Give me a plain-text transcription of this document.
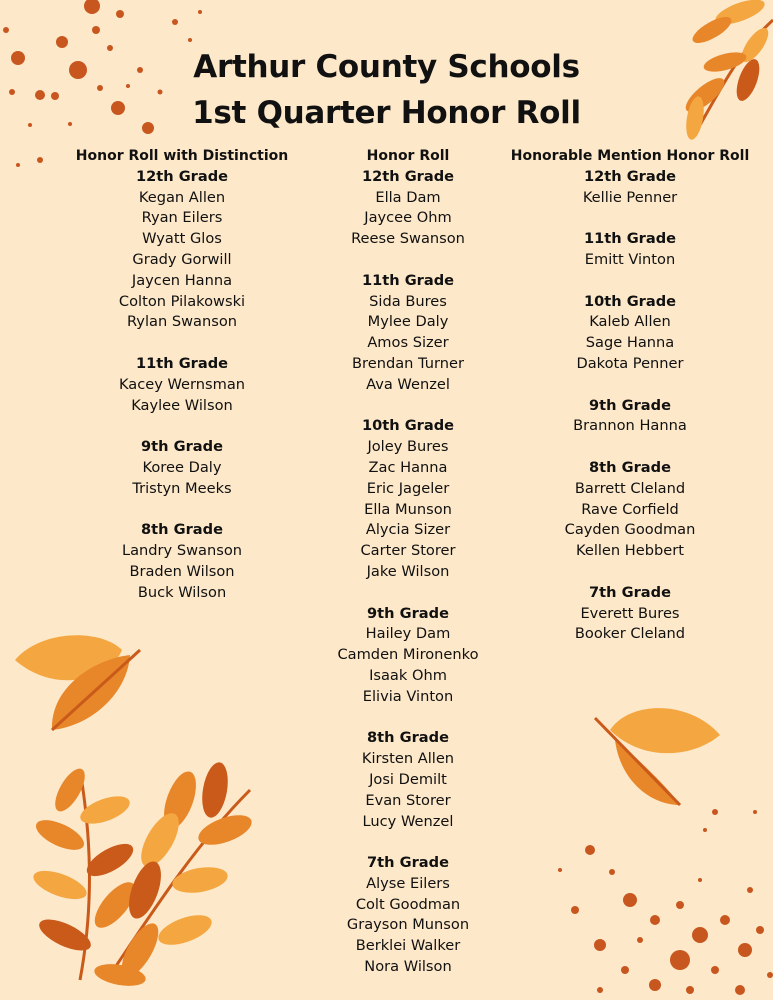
Arthur County Schools
1st Quarter Honor Roll
Honor Roll with Distinction
12th Grade
Kegan Allen
Ryan Eilers
Wyatt Glos
Grady Gorwill
Jaycen Hanna
Colton Pilakowski
Rylan Swanson
11th Grade
Kacey Wernsman
Kaylee Wilson
9th Grade
Koree Daly
Tristyn Meeks
8th Grade
Landry Swanson
Braden Wilson
Buck Wilson
Honor Roll
12th Grade
Ella Dam
Jaycee Ohm
Reese Swanson
11th Grade
Sida Bures
Mylee Daly
Amos Sizer
Brendan Turner
Ava Wenzel
10th Grade
Joley Bures
Zac Hanna
Eric Jageler
Ella Munson
Alycia Sizer
Carter Storer
Jake Wilson
9th Grade
Hailey Dam
Camden Mironenko
Isaak Ohm
Elivia Vinton
8th Grade
Kirsten Allen
Josi Demilt
Evan Storer
Lucy Wenzel
7th Grade
Alyse Eilers
Colt Goodman
Grayson Munson
Berklei Walker
Nora Wilson
Honorable Mention Honor Roll
12th Grade
Kellie Penner
11th Grade
Emitt Vinton
10th Grade
Kaleb Allen
Sage Hanna
Dakota Penner
9th Grade
Brannon Hanna
8th Grade
Barrett Cleland
Rave Corfield
Cayden Goodman
Kellen Hebbert
7th Grade
Everett Bures
Booker Cleland
